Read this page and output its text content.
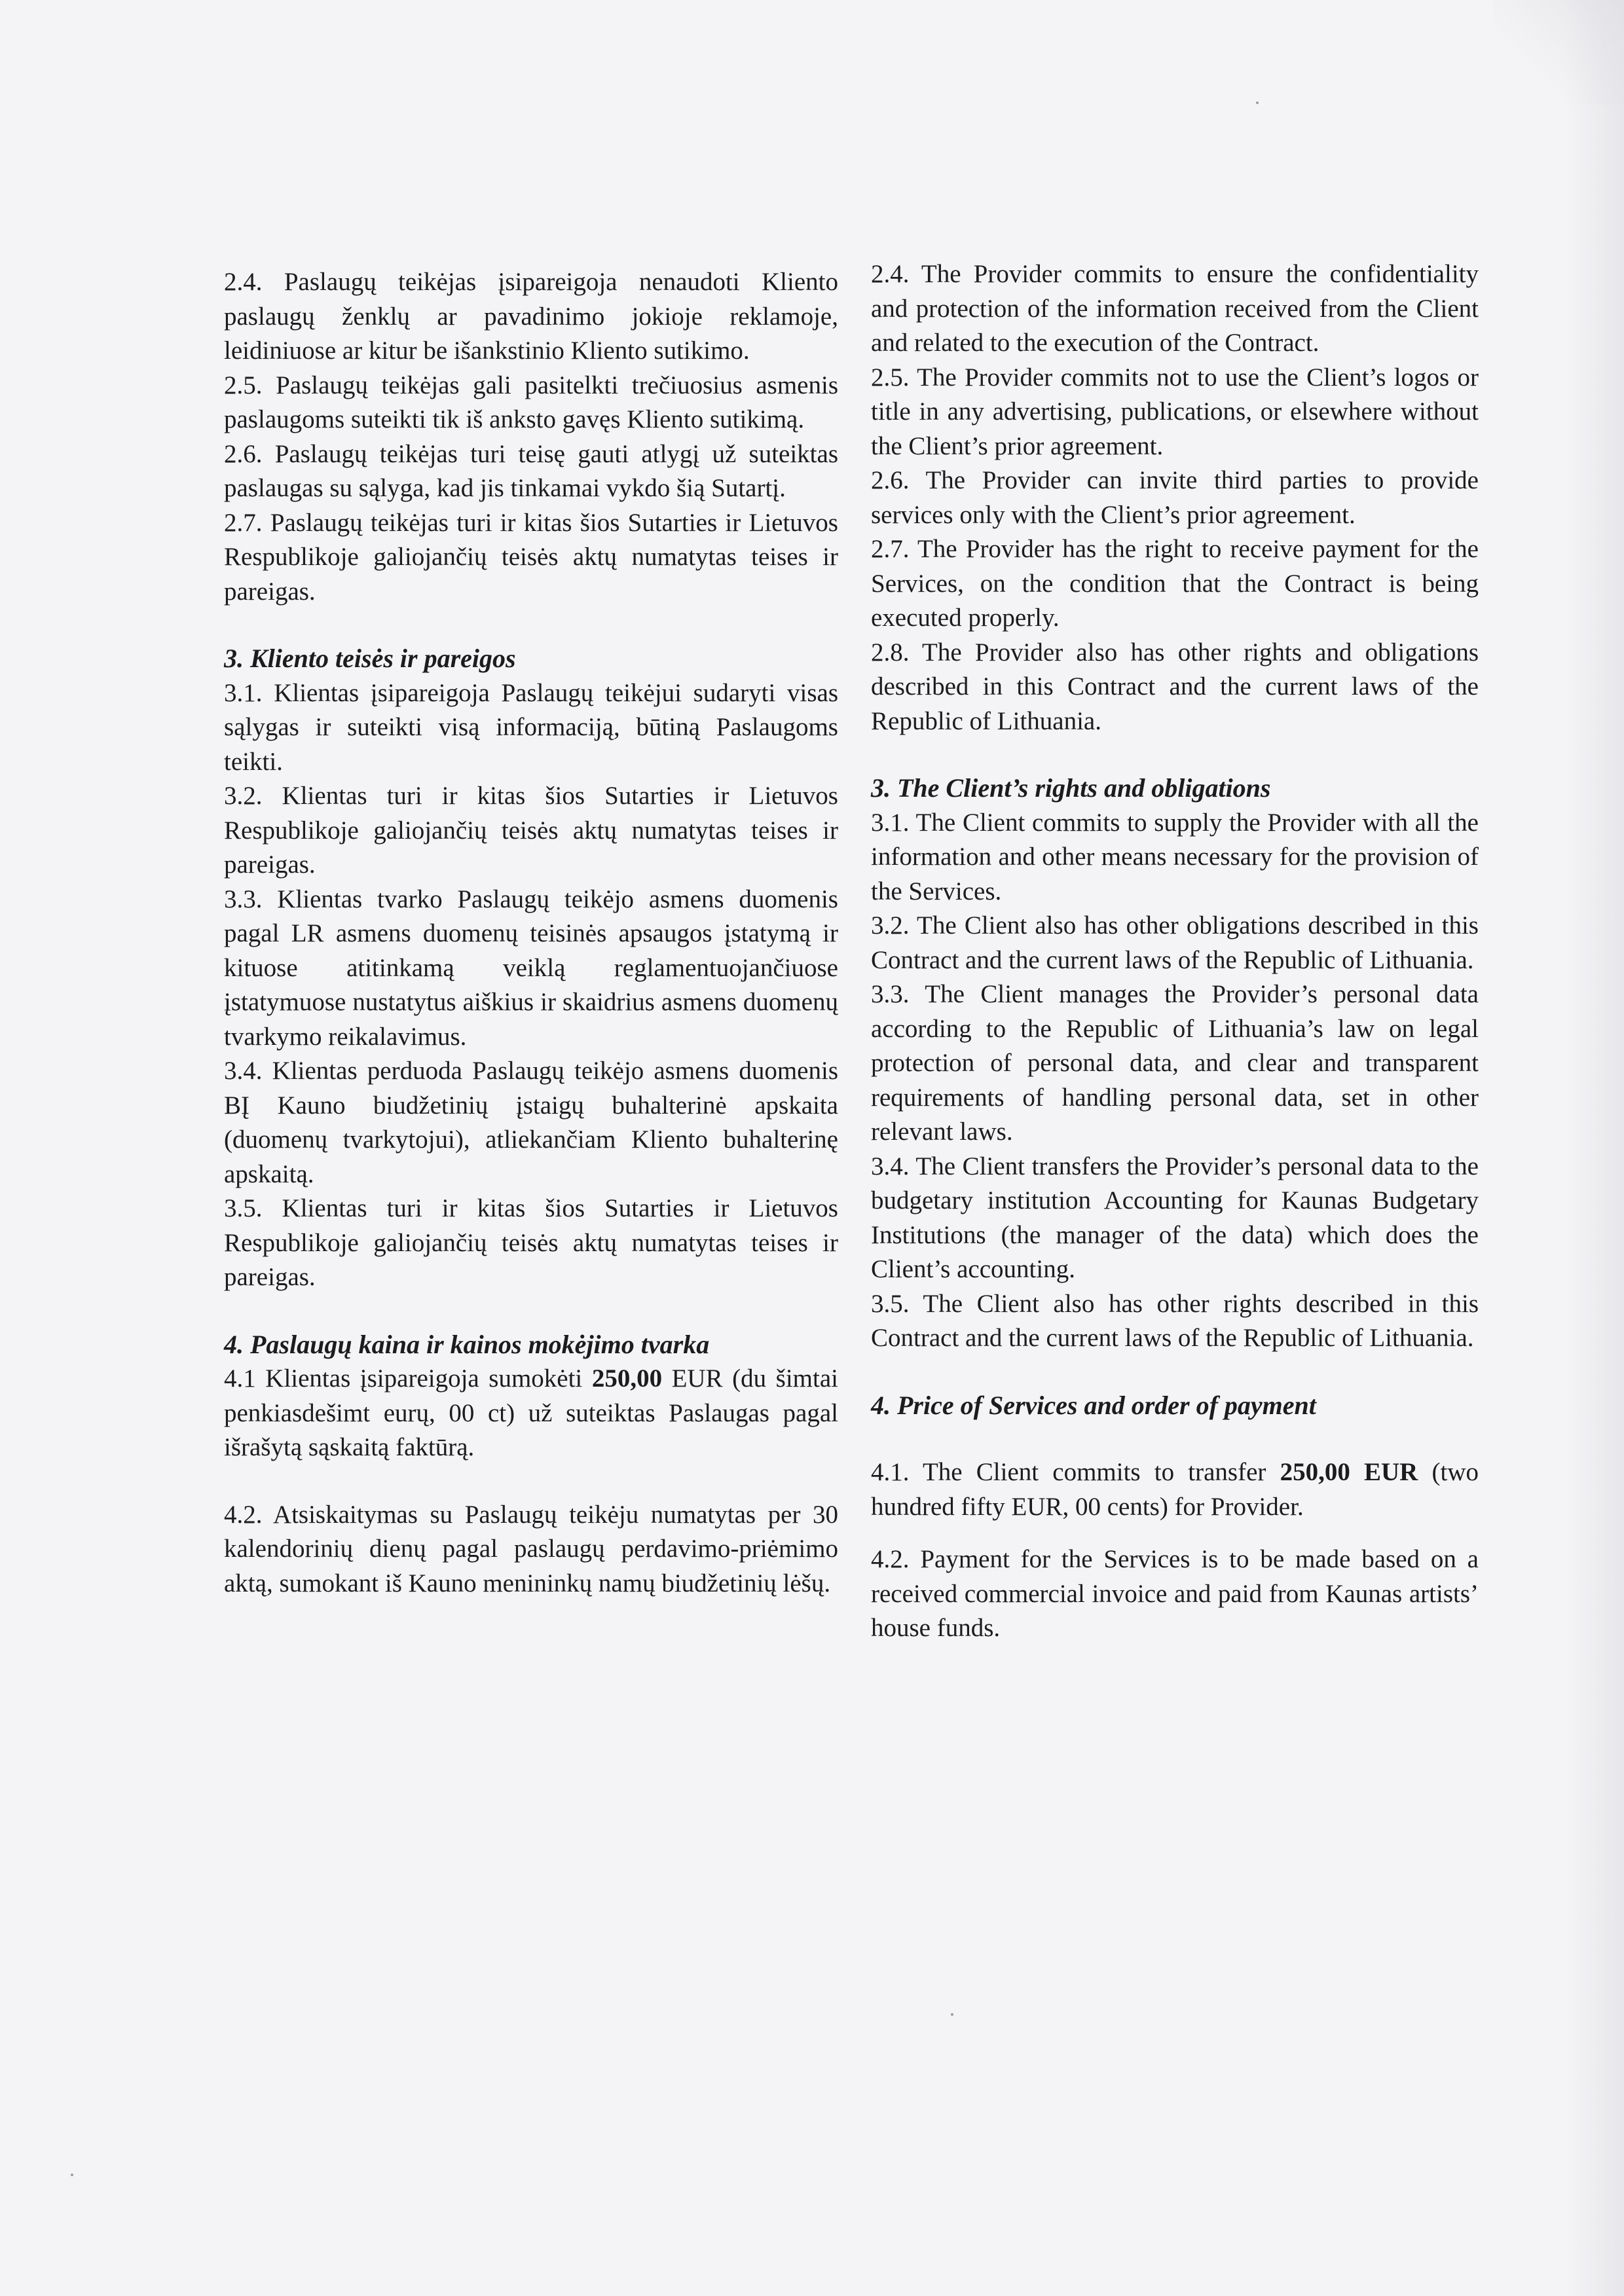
2.4. Paslaugų teikėjas įsipareigoja nenaudoti Kliento paslaugų ženklų ar pavadinimo jokioje reklamoje, leidiniuose ar kitur be išankstinio Kliento sutikimo.

2.5. Paslaugų teikėjas gali pasitelkti trečiuosius asmenis paslaugoms suteikti tik iš anksto gavęs Kliento sutikimą.

2.6. Paslaugų teikėjas turi teisę gauti atlygį už suteiktas paslaugas su sąlyga, kad jis tinkamai vykdo šią Sutartį.

2.7. Paslaugų teikėjas turi ir kitas šios Sutarties ir Lietuvos Respublikoje galiojančių teisės aktų numatytas teises ir pareigas.

3. Kliento teisės ir pareigos

3.1. Klientas įsipareigoja Paslaugų teikėjui sudaryti visas sąlygas ir suteikti visą informaciją, būtiną Paslaugoms teikti.

3.2. Klientas turi ir kitas šios Sutarties ir Lietuvos Respublikoje galiojančių teisės aktų numatytas teises ir pareigas.

3.3. Klientas tvarko Paslaugų teikėjo asmens duomenis pagal LR asmens duomenų teisinės apsaugos įstatymą ir kituose atitinkamą veiklą reglamentuojančiuose įstatymuose nustatytus aiškius ir skaidrius asmens duomenų tvarkymo reikalavimus.

3.4. Klientas perduoda Paslaugų teikėjo asmens duomenis BĮ Kauno biudžetinių įstaigų buhalterinė apskaita (duomenų tvarkytojui), atliekančiam Kliento buhalterinę apskaitą.

3.5. Klientas turi ir kitas šios Sutarties ir Lietuvos Respublikoje galiojančių teisės aktų numatytas teises ir pareigas.

4. Paslaugų kaina ir kainos mokėjimo tvarka

4.1 Klientas įsipareigoja sumokėti 250,00 EUR (du šimtai penkiasdešimt eurų, 00 ct) už suteiktas Paslaugas pagal išrašytą sąskaitą faktūrą.

4.2. Atsiskaitymas su Paslaugų teikėju numatytas per 30 kalendorinių dienų pagal paslaugų perdavimo-priėmimo aktą, sumokant iš Kauno menininkų namų biudžetinių lėšų.

2.4. The Provider commits to ensure the confidentiality and protection of the information received from the Client and related to the execution of the Contract.

2.5. The Provider commits not to use the Client’s logos or title in any advertising, publications, or elsewhere without the Client’s prior agreement.

2.6. The Provider can invite third parties to provide services only with the Client’s prior agreement.

2.7. The Provider has the right to receive payment for the Services, on the condition that the Contract is being executed properly.

2.8. The Provider also has other rights and obligations described in this Contract and the current laws of the Republic of Lithuania.

3. The Client’s rights and obligations

3.1. The Client commits to supply the Provider with all the information and other means necessary for the provision of the Services.

3.2. The Client also has other obligations described in this Contract and the current laws of the Republic of Lithuania.

3.3. The Client manages the Provider’s personal data according to the Republic of Lithuania’s law on legal protection of personal data, and clear and transparent requirements of handling personal data, set in other relevant laws.

3.4. The Client transfers the Provider’s personal data to the budgetary institution Accounting for Kaunas Budgetary Institutions (the manager of the data) which does the Client’s accounting.

3.5. The Client also has other rights described in this Contract and the current laws of the Republic of Lithuania.

4. Price of Services and order of payment

4.1. The Client commits to transfer 250,00 EUR (two hundred fifty EUR, 00 cents) for Provider.

4.2. Payment for the Services is to be made based on a received commercial invoice and paid from Kaunas artists’ house funds.
